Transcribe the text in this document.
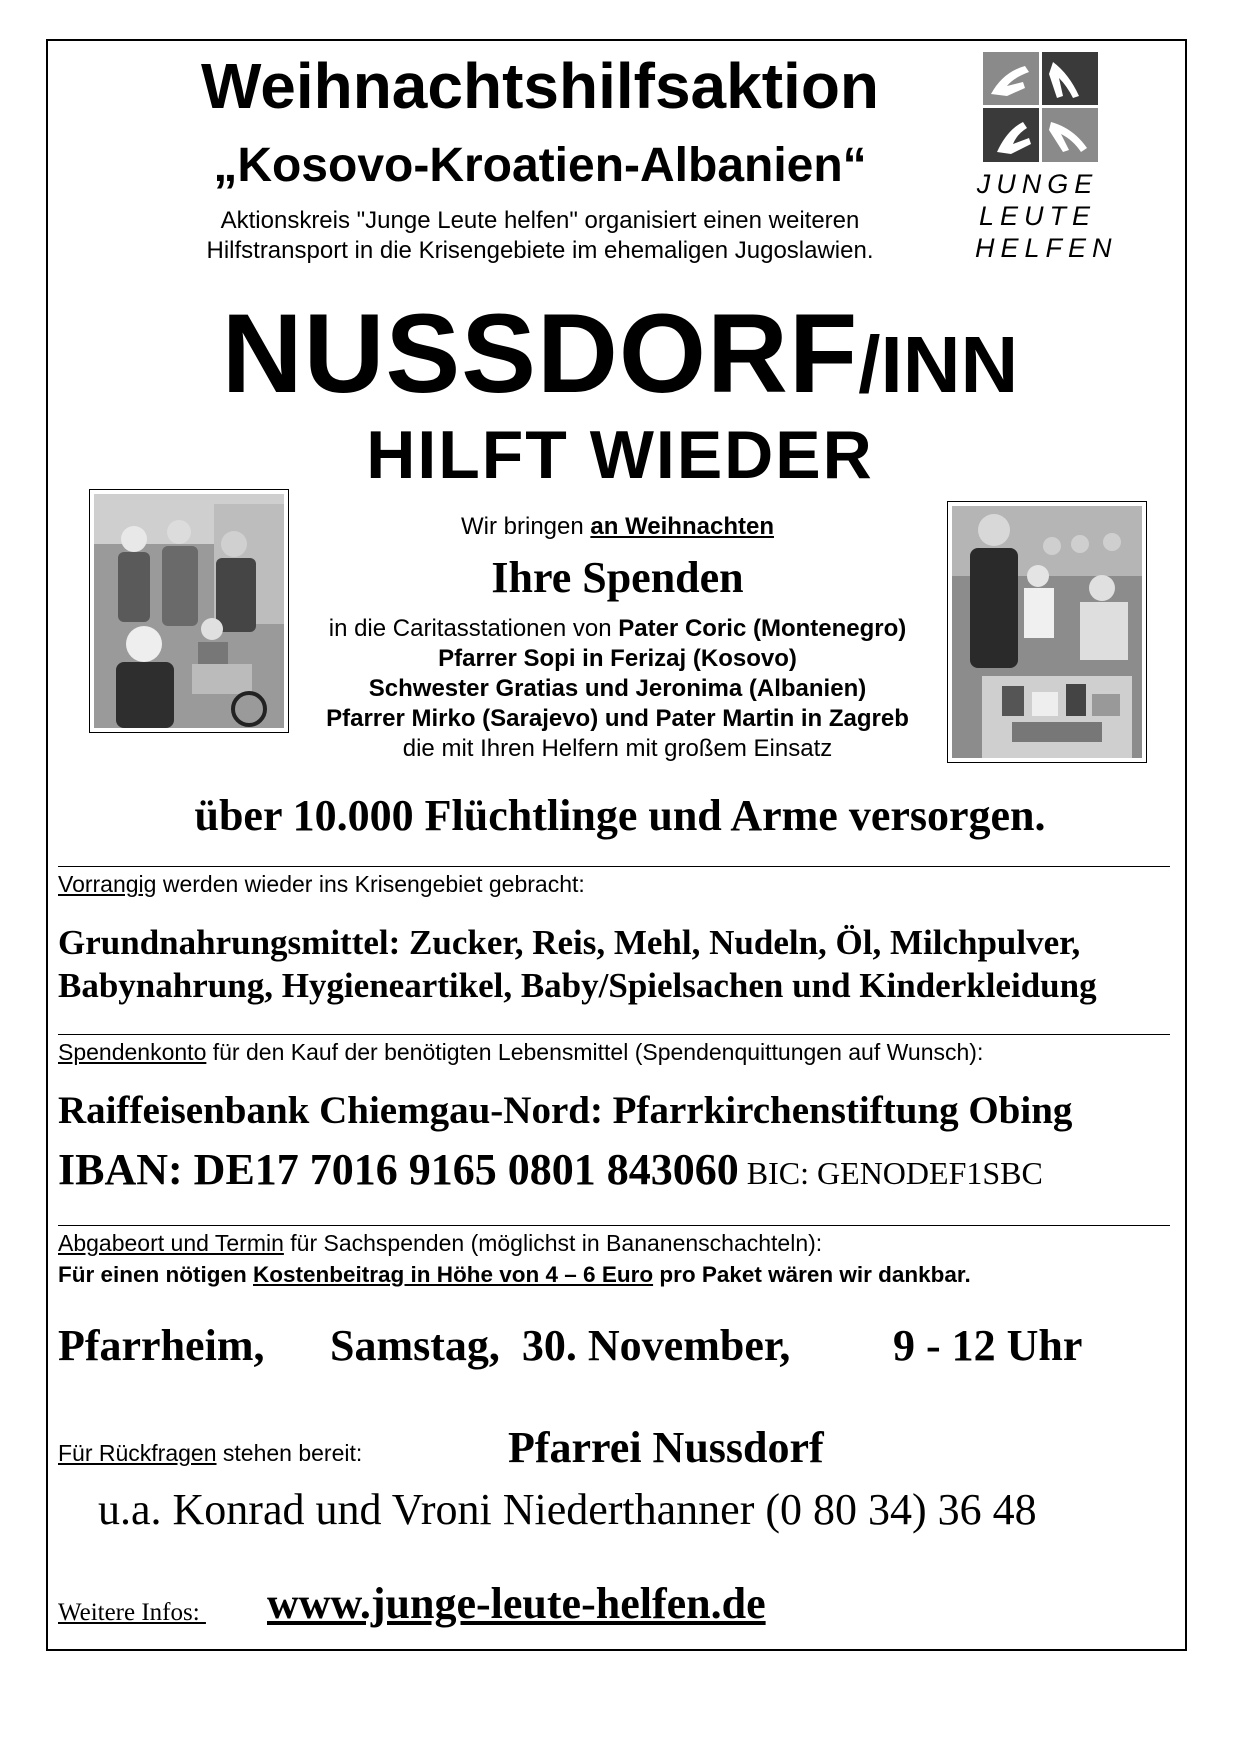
Weihnachtshilfsaktion
„Kosovo-Kroatien-Albanien“
Aktionskreis "Junge Leute helfen" organisiert einen weiteren
Hilfstransport in die Krisengebiete im ehemaligen Jugoslawien.
JUNGE
LEUTE
HELFEN
NUSSDORF/INN
HILFT WIEDER
Wir bringen an Weihnachten
Ihre Spenden
in die Caritasstationen von Pater Coric (Montenegro)
Pfarrer Sopi in Ferizaj (Kosovo)
Schwester Gratias und Jeronima (Albanien)
Pfarrer Mirko (Sarajevo) und Pater Martin in Zagreb
die mit Ihren Helfern mit großem Einsatz
über 10.000 Flüchtlinge und Arme versorgen.
Vorrangig werden wieder ins Krisengebiet gebracht:
Grundnahrungsmittel: Zucker, Reis, Mehl, Nudeln, Öl, Milchpulver,
Babynahrung, Hygieneartikel, Baby/Spielsachen und Kinderkleidung
Spendenkonto für den Kauf der benötigten Lebensmittel (Spendenquittungen auf Wunsch):
Raiffeisenbank Chiemgau-Nord: Pfarrkirchenstiftung Obing
IBAN: DE17 7016 9165 0801 843060 BIC: GENODEF1SBC
Abgabeort und Termin für Sachspenden (möglichst in Bananenschachteln):
Für einen nötigen Kostenbeitrag in Höhe von 4 – 6 Euro pro Paket wären wir dankbar.
Pfarrheim, Samstag,  30. November, 9 - 12 Uhr
Für Rückfragen stehen bereit:	Pfarrei Nussdorf
u.a. Konrad und Vroni Niederthanner (0 80 34) 36 48
Weitere Infos: www.junge-leute-helfen.de
